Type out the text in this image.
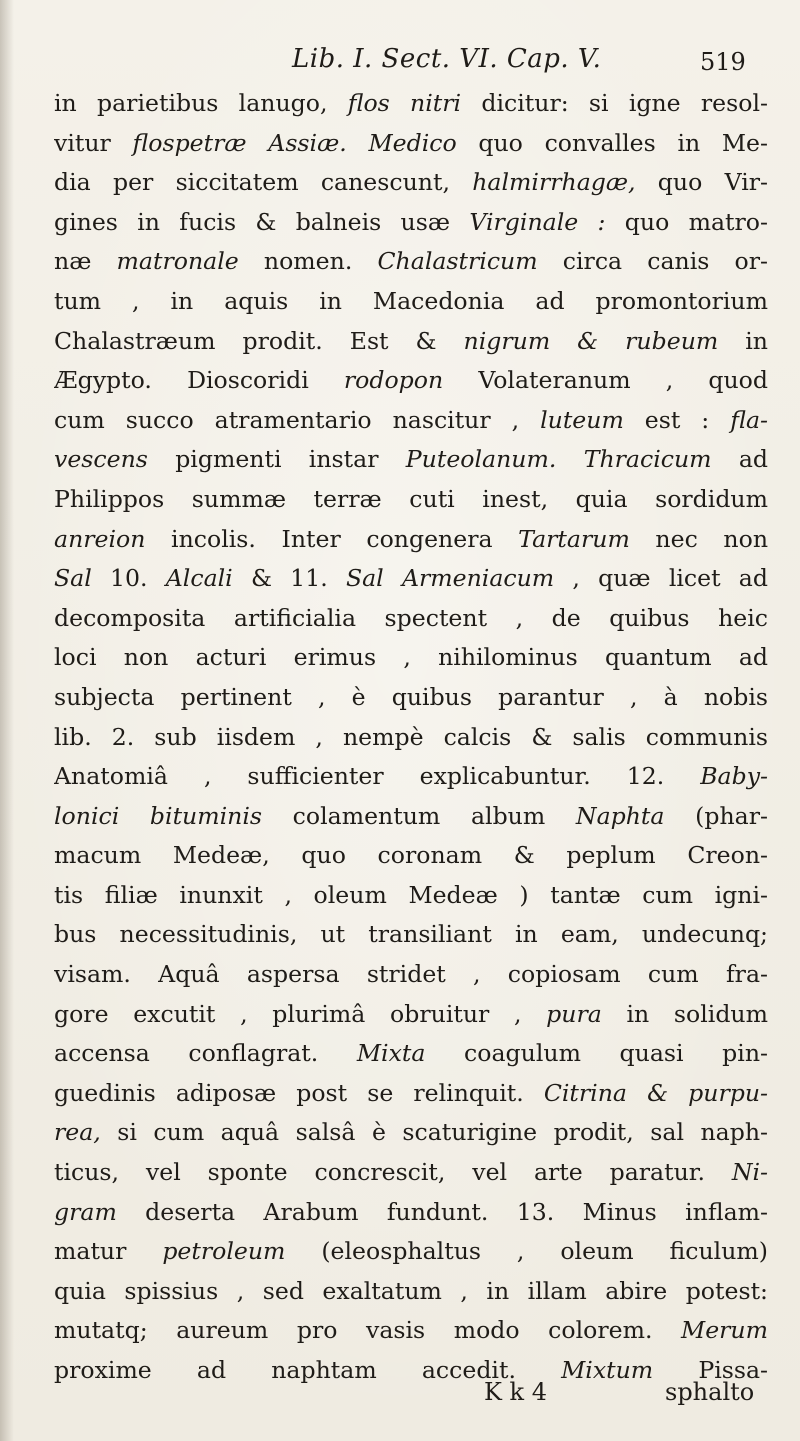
Lib. I. Sect. VI. Cap. V.	519
in parietibus lanugo, flos nitri dicitur: si igne resol-
vitur flospetræ Assiæ. Medico quo convalles in Me-
dia per siccitatem canescunt, halmirrhagæ, quo Vir-
gines in fucis & balneis usæ Virginale : quo matro-
næ matronale nomen. Chalastricum circa canis or-
tum , in aquis in Macedonia ad promontorium
Chalastræum prodit. Est & nigrum & rubeum in
Ægypto. Dioscoridi rodopon Volateranum , quod
cum succo atramentario nascitur , luteum est : fla-
vescens pigmenti instar Puteolanum. Thracicum ad
Philippos summæ terræ cuti inest, quia sordidum
anreion incolis. Inter congenera Tartarum nec non
Sal 10. Alcali & 11. Sal Armeniacum , quæ licet ad
decomposita artificialia spectent , de quibus heic
loci non acturi erimus , nihilominus quantum ad
subjecta pertinent , è quibus parantur , à nobis
lib. 2. sub iisdem , nempè calcis & salis communis
Anatomiâ , sufficienter explicabuntur. 12. Baby-
lonici bituminis colamentum album Naphta (phar-
macum Medeæ, quo coronam & peplum Creon-
tis filiæ inunxit , oleum Medeæ ) tantæ cum igni-
bus necessitudinis, ut transiliant in eam, undecunq;
visam. Aquâ aspersa stridet , copiosam cum fra-
gore excutit , plurimâ obruitur , pura in solidum
accensa conflagrat. Mixta coagulum quasi pin-
guedinis adiposæ post se relinquit. Citrina & purpu-
rea, si cum aquâ salsâ è scaturigine prodit, sal naph-
ticus, vel sponte concrescit, vel arte paratur. Ni-
gram deserta Arabum fundunt. 13. Minus inflam-
matur petroleum (eleosphaltus , oleum ficulum)
quia spissius , sed exaltatum , in illam abire potest:
mutatq; aureum pro vasis modo colorem. Merum
proxime ad naphtam accedit. Mixtum Pissa-
K k 4	sphalto
